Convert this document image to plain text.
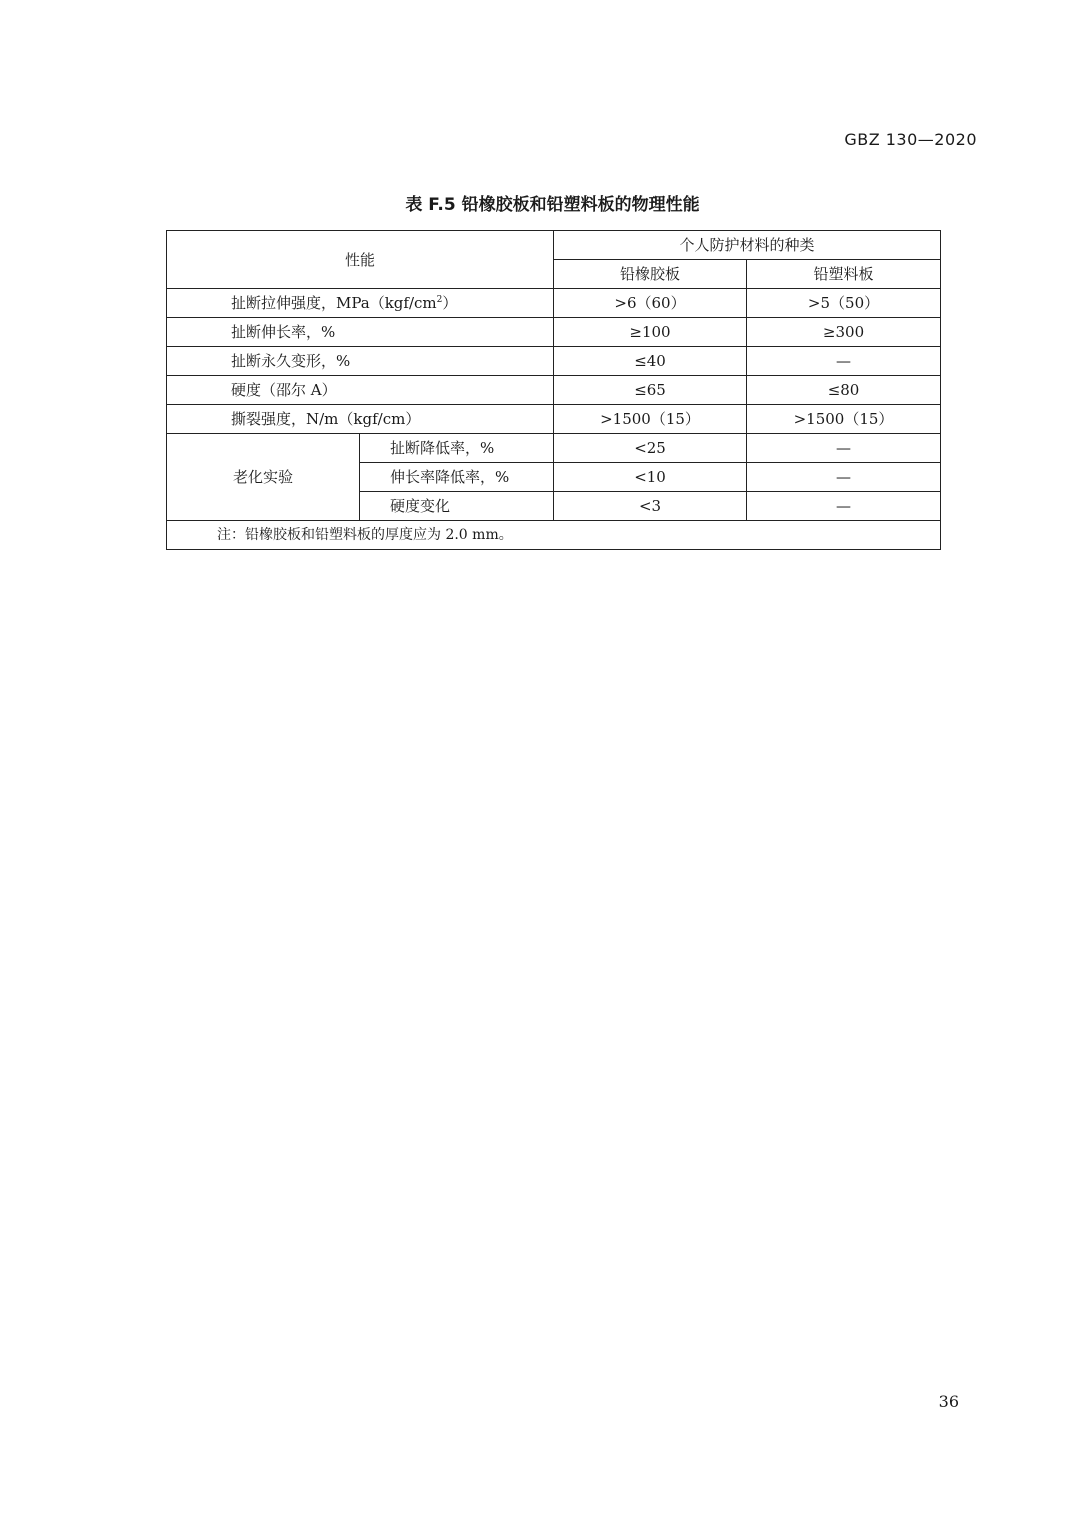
GBZ 130—2020
表 F.5 铅橡胶板和铅塑料板的物理性能
性能		个人防护材料的种类	
		铅橡胶板	铅塑料板
扯断拉伸强度，$MPa(kgf/cm^2)$		>6（60）	>5（50）
扯断伸长率，%		≥100	≥300
扯断永久变形，%		≤40	—
硬度（邵尔 A）		≤65	≤80
撕裂强度，N/m（kgf/cm）		>1500（15）	>1500（15）
老化实验	扯断降低率，%	<25	—
	伸长率降低率，%	<10	—
	硬度变化	<3	—
注：铅橡胶板和铅塑料板的厚度应为 2.0 mm。			
36
